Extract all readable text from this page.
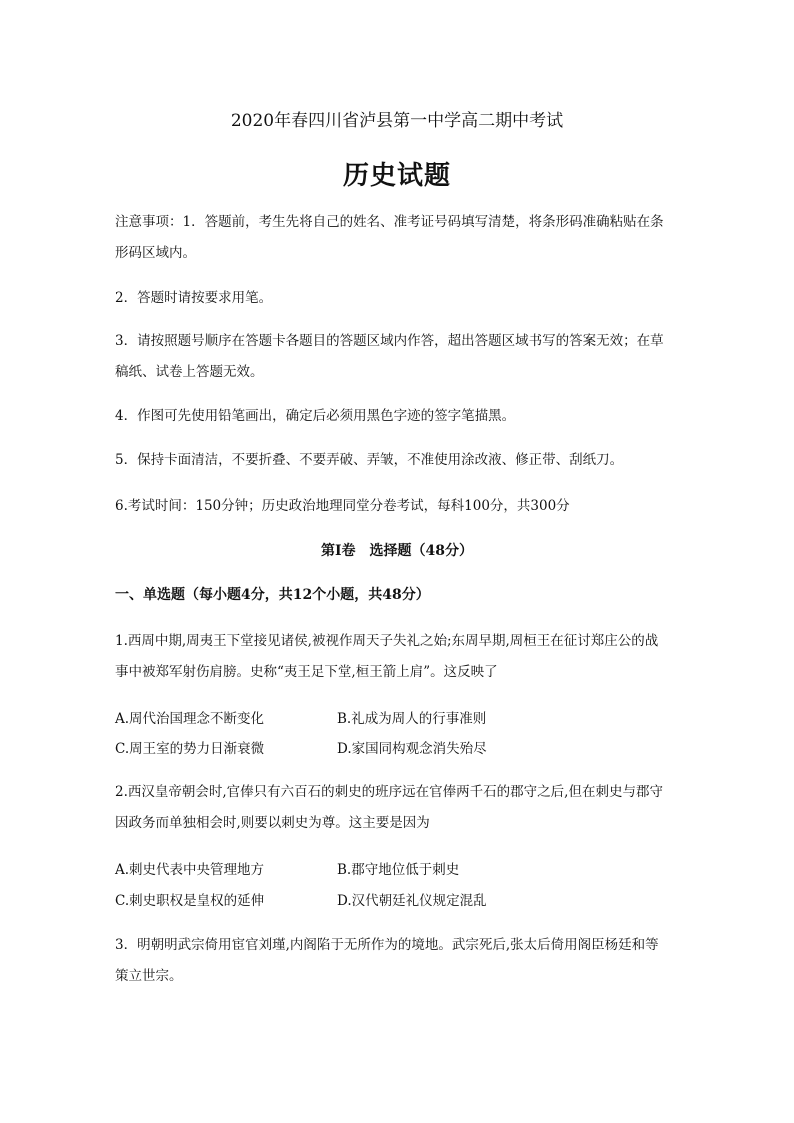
2020年春四川省泸县第一中学高二期中考试
历史试题
注意事项：1．答题前，考生先将自己的姓名、准考证号码填写清楚，将条形码准确粘贴在条
形码区域内。
2．答题时请按要求用笔。
3．请按照题号顺序在答题卡各题目的答题区域内作答，超出答题区域书写的答案无效；在草
稿纸、试卷上答题无效。
4．作图可先使用铅笔画出，确定后必须用黑色字迹的签字笔描黑。
5．保持卡面清洁，不要折叠、不要弄破、弄皱，不准使用涂改液、修正带、刮纸刀。
6.考试时间：150分钟；历史政治地理同堂分卷考试，每科100分，共300分
第Ⅰ卷　选择题（48分）
一、单选题（每小题4分，共12个小题，共48分）
1.西周中期,周夷王下堂接见诸侯,被视作周天子失礼之始;东周早期,周桓王在征讨郑庄公的战
事中被郑军射伤肩膀。史称“夷王足下堂,桓王箭上肩”。这反映了
A.周代治国理念不断变化	B.礼成为周人的行事准则
C.周王室的势力日渐衰微	D.家国同构观念消失殆尽
2.西汉皇帝朝会时,官俸只有六百石的刺史的班序远在官俸两千石的郡守之后,但在刺史与郡守
因政务而单独相会时,则要以刺史为尊。这主要是因为
A.刺史代表中央管理地方	B.郡守地位低于刺史
C.刺史职权是皇权的延伸	D.汉代朝廷礼仪规定混乱
3．明朝明武宗倚用宦官刘瑾,内阁陷于无所作为的境地。武宗死后,张太后倚用阁臣杨廷和等
策立世宗。
